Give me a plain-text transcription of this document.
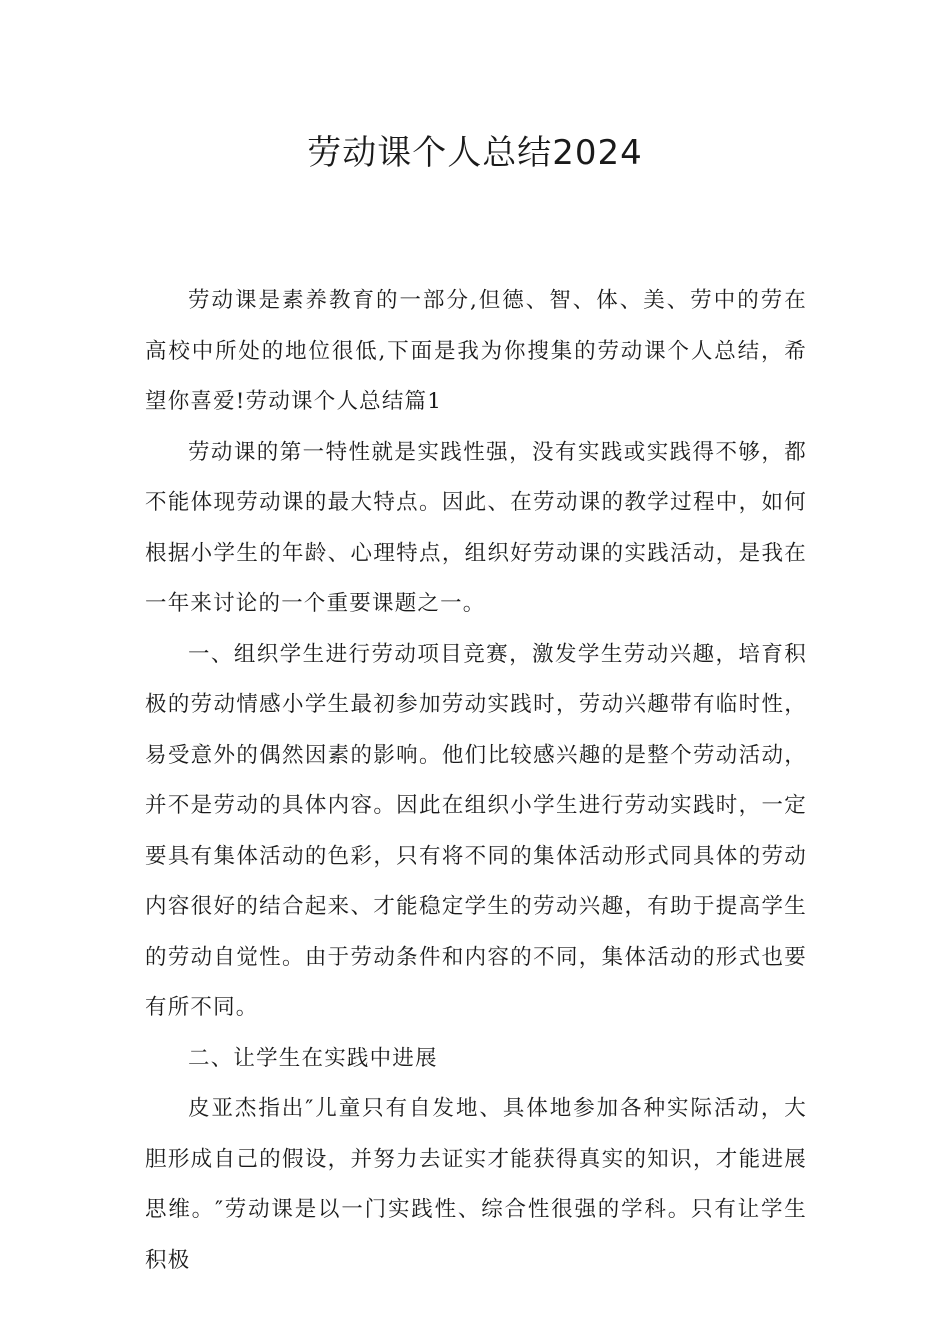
劳动课个人总结2024

劳动课是素养教育的一部分,但德、智、体、美、劳中的劳在高校中所处的地位很低,下面是我为你搜集的劳动课个人总结，希望你喜爱!劳动课个人总结篇1

劳动课的第一特性就是实践性强，没有实践或实践得不够，都不能体现劳动课的最大特点。因此、在劳动课的教学过程中，如何根据小学生的年龄、心理特点，组织好劳动课的实践活动，是我在一年来讨论的一个重要课题之一。

一、组织学生进行劳动项目竞赛，激发学生劳动兴趣，培育积极的劳动情感小学生最初参加劳动实践时，劳动兴趣带有临时性，易受意外的偶然因素的影响。他们比较感兴趣的是整个劳动活动，并不是劳动的具体内容。因此在组织小学生进行劳动实践时，一定要具有集体活动的色彩，只有将不同的集体活动形式同具体的劳动内容很好的结合起来、才能稳定学生的劳动兴趣，有助于提高学生的劳动自觉性。由于劳动条件和内容的不同，集体活动的形式也要有所不同。

二、让学生在实践中进展

皮亚杰指出″儿童只有自发地、具体地参加各种实际活动，大胆形成自己的假设，并努力去证实才能获得真实的知识，才能进展思维。″劳动课是以一门实践性、综合性很强的学科。只有让学生积极
